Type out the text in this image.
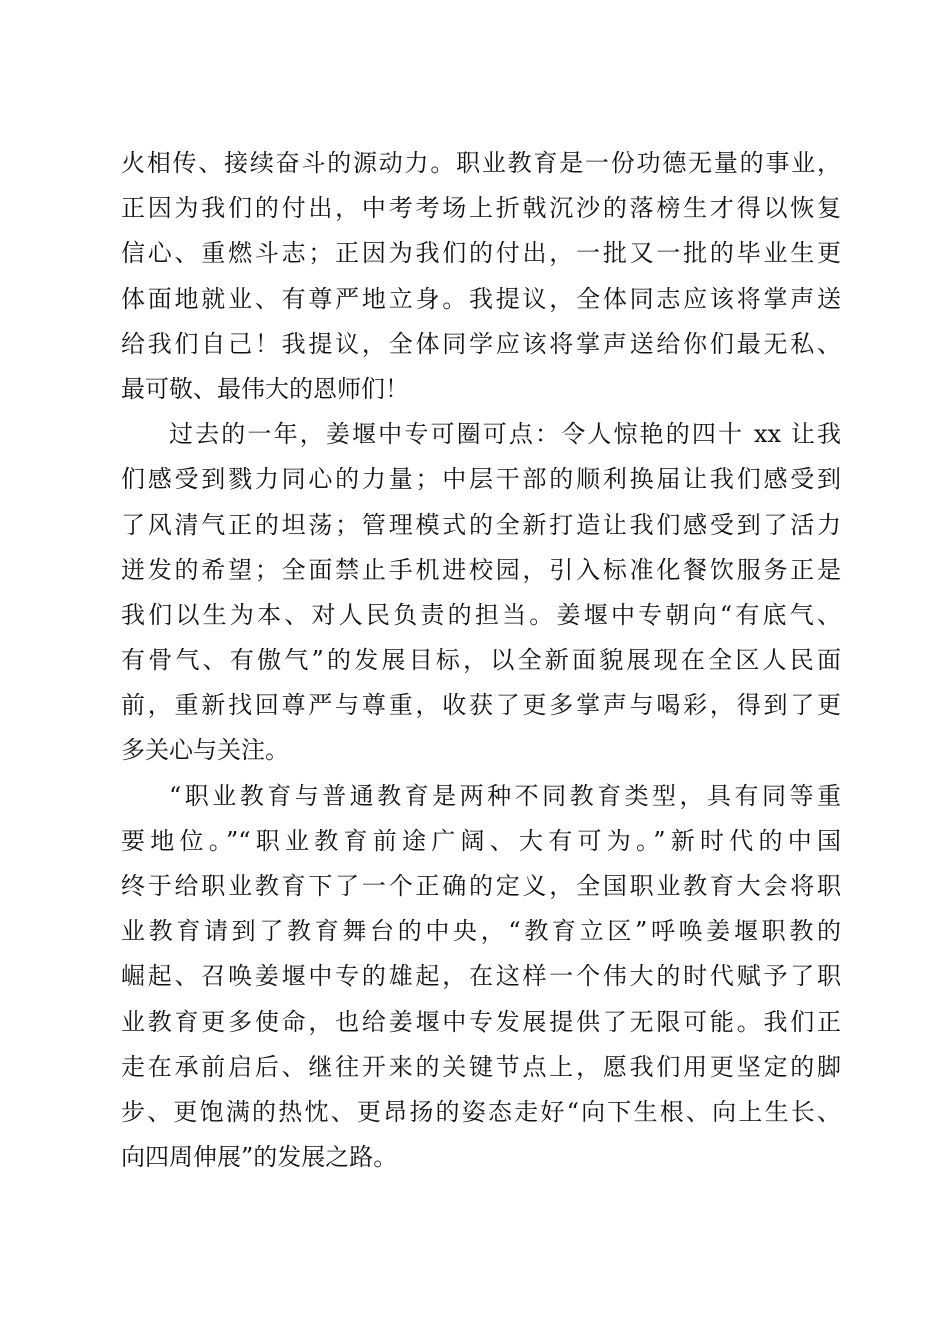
火相传、接续奋斗的源动力。职业教育是一份功德无量的事业，
正因为我们的付出，中考考场上折戟沉沙的落榜生才得以恢复
信心、重燃斗志；正因为我们的付出，一批又一批的毕业生更
体面地就业、有尊严地立身。我提议，全体同志应该将掌声送
给我们自己！我提议，全体同学应该将掌声送给你们最无私、
最可敬、最伟大的恩师们！
过去的一年，姜堰中专可圈可点：令人惊艳的四十 xx 让我
们感受到戮力同心的力量；中层干部的顺利换届让我们感受到
了风清气正的坦荡；管理模式的全新打造让我们感受到了活力
迸发的希望；全面禁止手机进校园，引入标准化餐饮服务正是
我们以生为本、对人民负责的担当。姜堰中专朝向“有底气、
有骨气、有傲气”的发展目标，以全新面貌展现在全区人民面
前，重新找回尊严与尊重，收获了更多掌声与喝彩，得到了更
多关心与关注。
“职业教育与普通教育是两种不同教育类型，具有同等重
要地位。”“职业教育前途广阔、大有可为。”新时代的中国
终于给职业教育下了一个正确的定义，全国职业教育大会将职
业教育请到了教育舞台的中央，“教育立区”呼唤姜堰职教的
崛起、召唤姜堰中专的雄起，在这样一个伟大的时代赋予了职
业教育更多使命，也给姜堰中专发展提供了无限可能。我们正
走在承前启后、继往开来的关键节点上，愿我们用更坚定的脚
步、更饱满的热忱、更昂扬的姿态走好“向下生根、向上生长、
向四周伸展”的发展之路。
